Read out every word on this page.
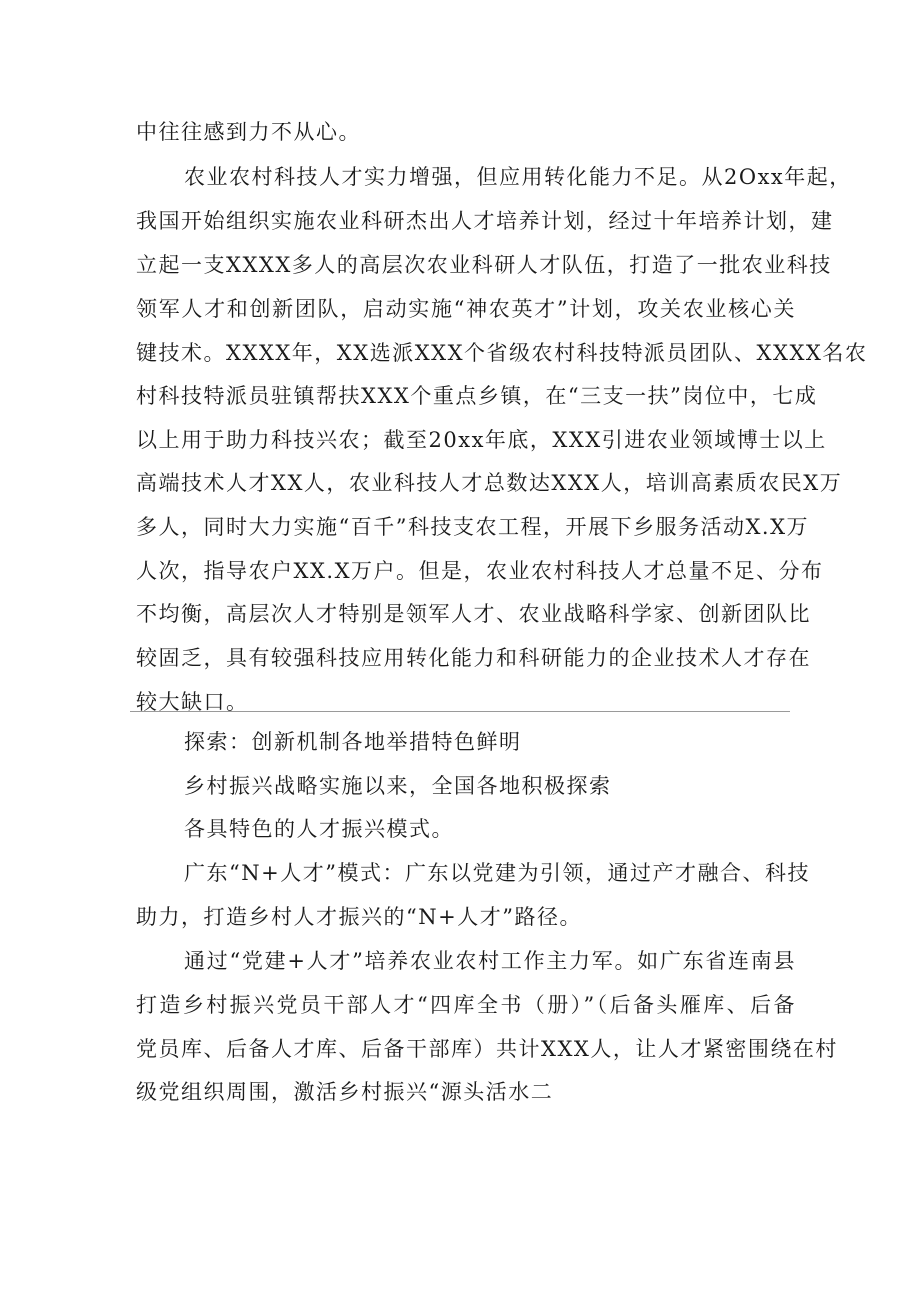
中往往感到力不从心。
农业农村科技人才实力增强，但应用转化能力不足。从2Oxx年起，
我国开始组织实施农业科研杰出人才培养计划，经过十年培养计划，建
立起一支XXXX多人的高层次农业科研人才队伍，打造了一批农业科技
领军人才和创新团队，启动实施“神农英才”计划，攻关农业核心关
键技术。XXXX年，XX选派XXX个省级农村科技特派员团队、XXXX名农
村科技特派员驻镇帮扶XXX个重点乡镇，在“三支一扶”岗位中，七成
以上用于助力科技兴农；截至20xx年底，XXX引进农业领域博士以上
高端技术人才XX人，农业科技人才总数达XXX人，培训高素质农民X万
多人，同时大力实施“百千”科技支农工程，开展下乡服务活动X.X万
人次，指导农户XX.X万户。但是，农业农村科技人才总量不足、分布
不均衡，高层次人才特别是领军人才、农业战略科学家、创新团队比
较固乏，具有较强科技应用转化能力和科研能力的企业技术人才存在
较大缺口。
探索：创新机制各地举措特色鲜明
乡村振兴战略实施以来，全国各地积极探索
各具特色的人才振兴模式。
广东“N+人才”模式：广东以党建为引领，通过产才融合、科技
助力，打造乡村人才振兴的“N+人才”路径。
通过“党建+人才”培养农业农村工作主力军。如广东省连南县
打造乡村振兴党员干部人才“四库全书（册）”（后备头雁库、后备
党员库、后备人才库、后备干部库）共计XXX人，让人才紧密围绕在村
级党组织周围，激活乡村振兴“源头活水二
